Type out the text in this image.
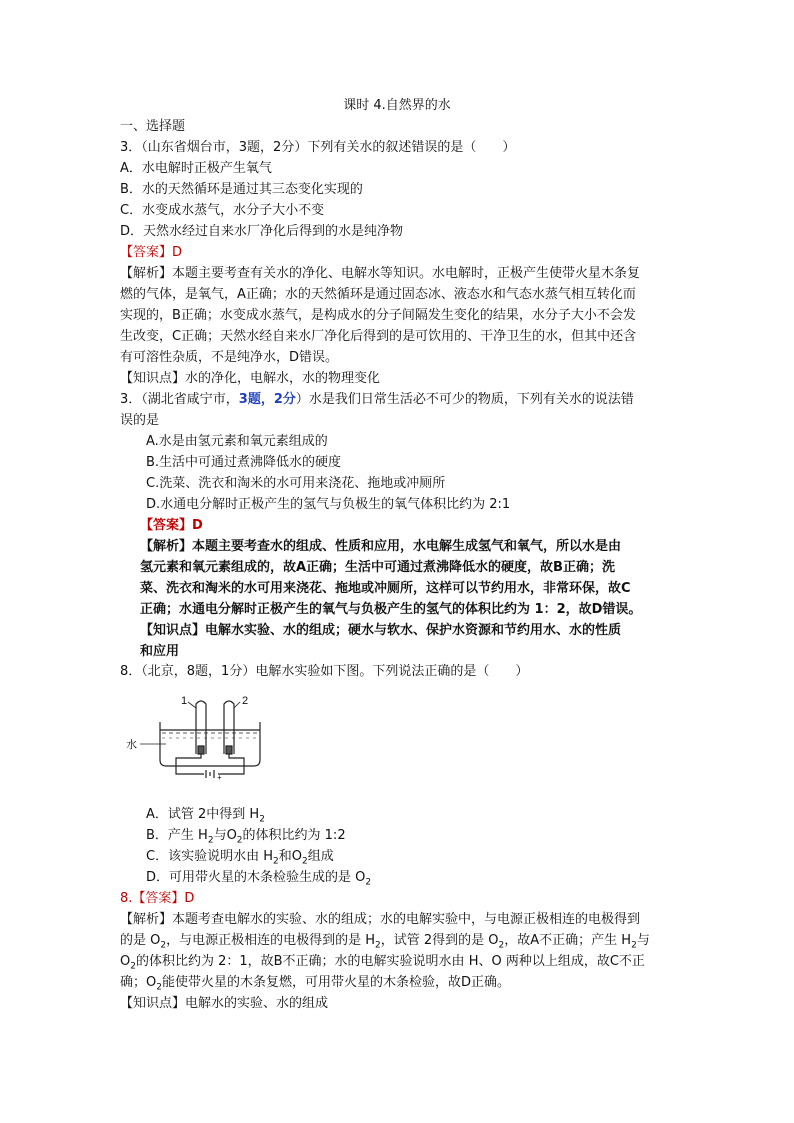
课时 4.自然界的水
一、选择题
3．（山东省烟台市，3题，2分）下列有关水的叙述错误的是（　　）
A．水电解时正极产生氧气
B．水的天然循环是通过其三态变化实现的
C．水变成水蒸气，水分子大小不变
D．天然水经过自来水厂净化后得到的水是纯净物
【答案】D
【解析】本题主要考查有关水的净化、电解水等知识。水电解时，正极产生使带火星木条复
燃的气体，是氧气，A正确；水的天然循环是通过固态冰、液态水和气态水蒸气相互转化而
实现的，B正确；水变成水蒸气，是构成水的分子间隔发生变化的结果，水分子大小不会发
生改变，C正确；天然水经自来水厂净化后得到的是可饮用的、干净卫生的水，但其中还含
有可溶性杂质，不是纯净水，D错误。
【知识点】水的净化，电解水，水的物理变化
3．（湖北省咸宁市，3题，2分）水是我们日常生活必不可少的物质，下列有关水的说法错
误的是
A.水是由氢元素和氧元素组成的
B.生活中可通过煮沸降低水的硬度
C.洗菜、洗衣和淘米的水可用来浇花、拖地或冲厕所
D.水通电分解时正极产生的氢气与负极生的氧气体积比约为 2:1
【答案】D
【解析】本题主要考查水的组成、性质和应用，水电解生成氢气和氧气，所以水是由
氢元素和氧元素组成的，故A正确；生活中可通过煮沸降低水的硬度，故B正确；洗
菜、洗衣和淘米的水可用来浇花、拖地或冲厕所，这样可以节约用水，非常环保，故C
正确；水通电分解时正极产生的氧气与负极产生的氢气的体积比约为 1：2，故D错误。
【知识点】电解水实验、水的组成；硬水与软水、保护水资源和节约用水、水的性质
和应用
8．（北京，8题，1分）电解水实验如下图。下列说法正确的是（　　）
1	2
水
+
A．试管 2中得到 $H_2$
B．产生 $H_2$与$O_2$的体积比约为 1:2
C．该实验说明水由 $H_2$和$O_2$组成
D．可用带火星的木条检验生成的是 $O_2$
8.【答案】D
【解析】本题考查电解水的实验、水的组成；水的电解实验中，与电源正极相连的电极得到
的是 $O_2$，与电源正极相连的电极得到的是 $H_2$，试管 2得到的是 $O_2$，故A不正确；产生 $H_2$与
$O_2$的体积比约为 2：1，故B不正确；水的电解实验说明水由 H、O 两种以上组成，故C不正
确；$O_2$能使带火星的木条复燃，可用带火星的木条检验，故D正确。
【知识点】电解水的实验、水的组成
